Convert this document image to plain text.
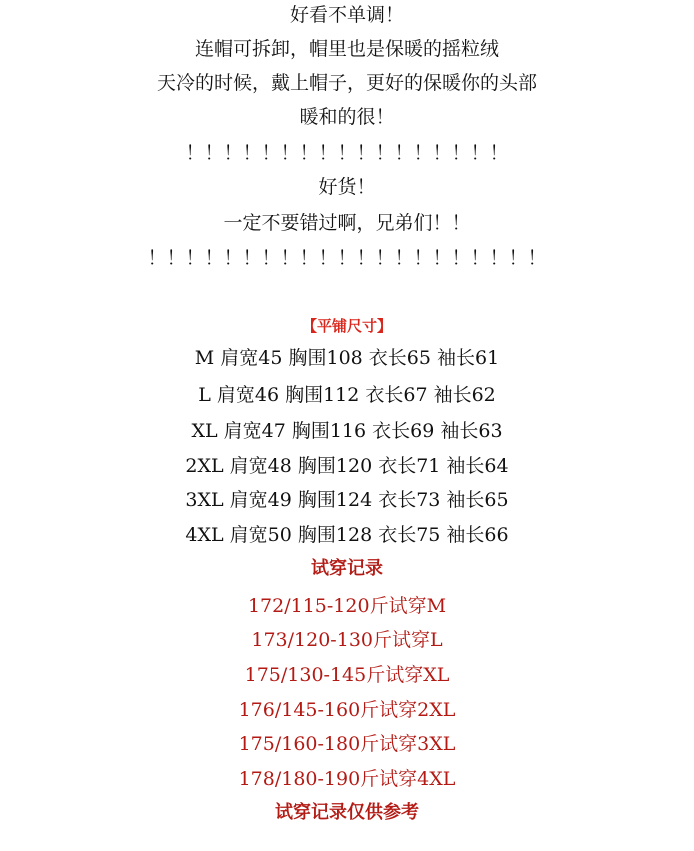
好看不单调！
连帽可拆卸，帽里也是保暖的摇粒绒
天冷的时候，戴上帽子，更好的保暖你的头部
暖和的很！
！！！！！！！！！！！！！！！！！
好货！
一定不要错过啊，兄弟们！！
！！！！！！！！！！！！！！！！！！！！！
【平铺尺寸】
M 肩宽45 胸围108 衣长65 袖长61
L 肩宽46 胸围112 衣长67 袖长62
XL 肩宽47 胸围116 衣长69 袖长63
2XL 肩宽48 胸围120 衣长71 袖长64
3XL 肩宽49 胸围124 衣长73 袖长65
4XL 肩宽50 胸围128 衣长75 袖长66
试穿记录
172/115-120斤试穿M
173/120-130斤试穿L
175/130-145斤试穿XL
176/145-160斤试穿2XL
175/160-180斤试穿3XL
178/180-190斤试穿4XL
试穿记录仅供参考
